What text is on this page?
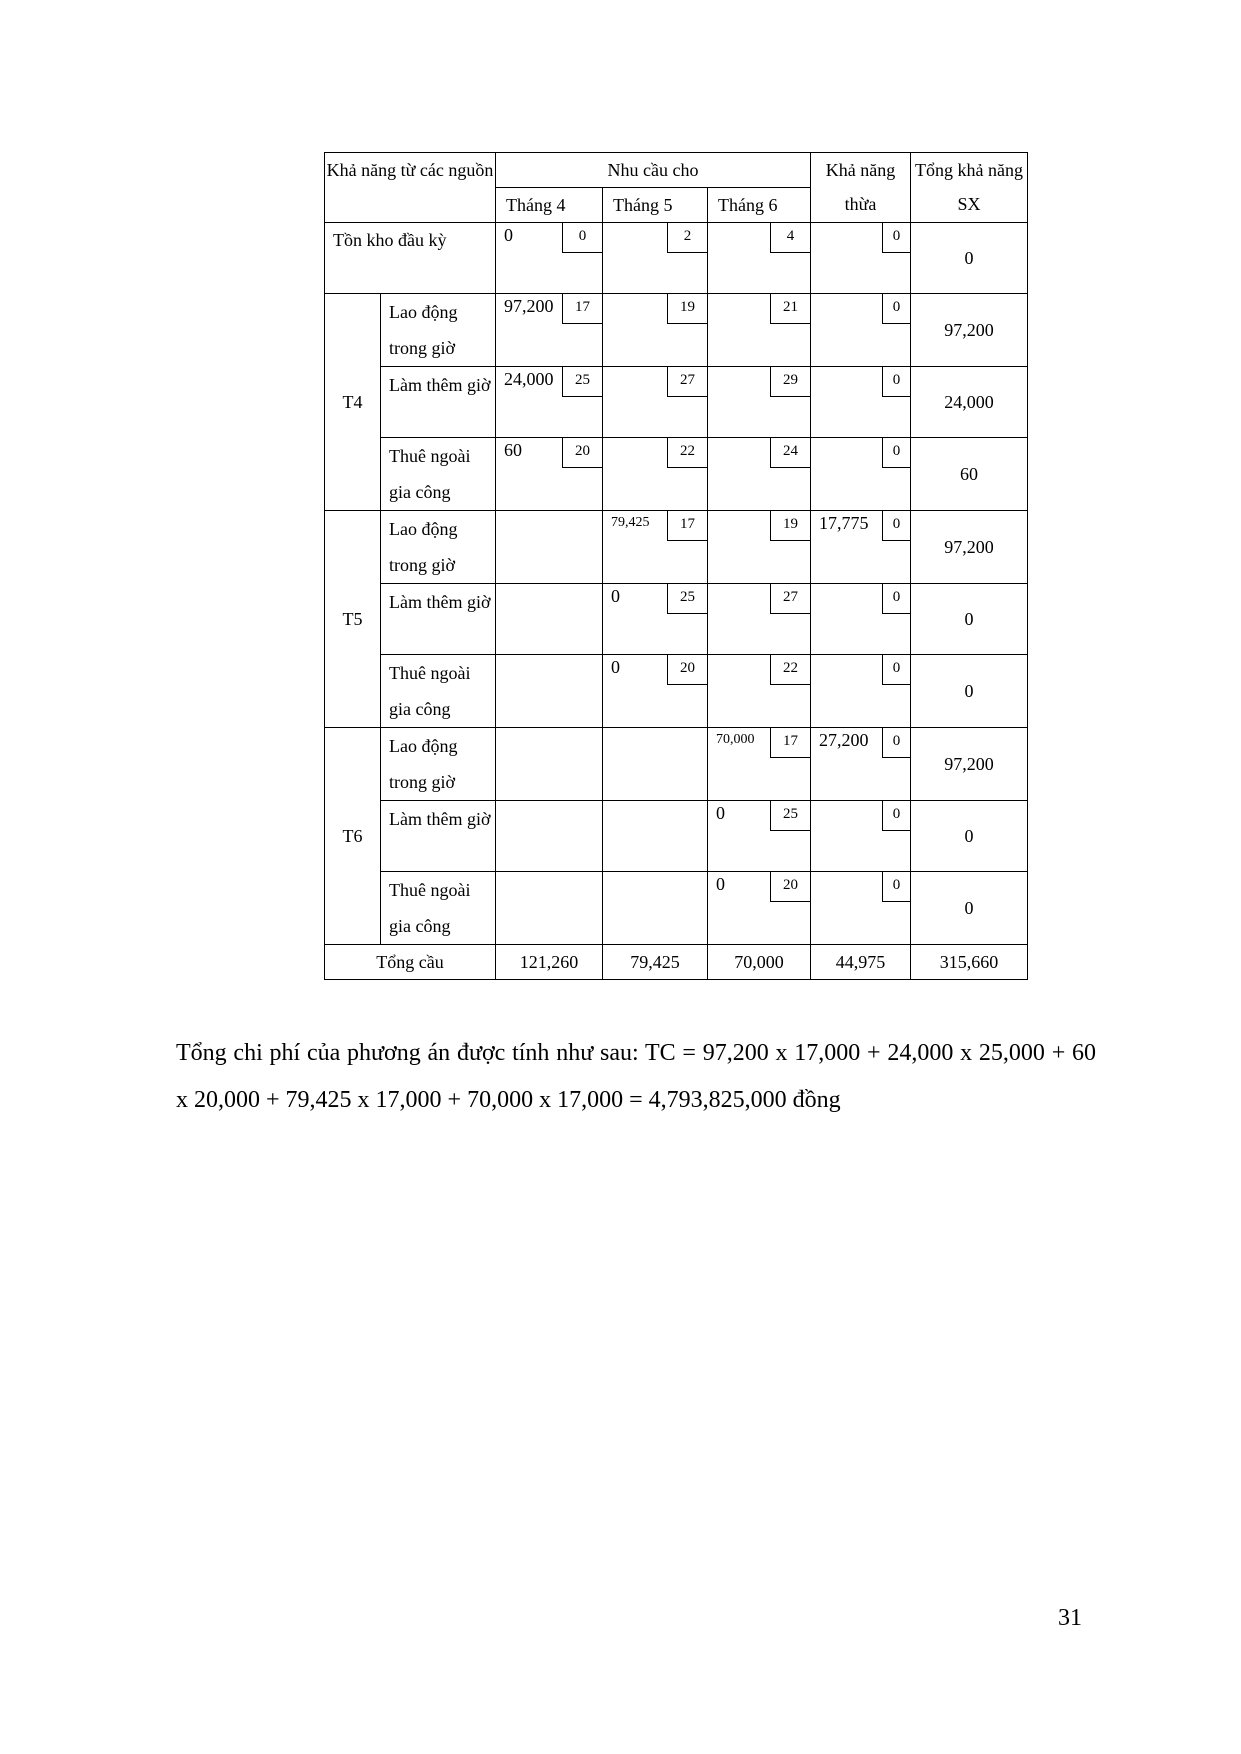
Khả năng từ các nguồn		Nhu cầu cho			Khả năng thừa	Tổng khả năng SX
		Tháng 4	Tháng 5	Tháng 6		
Tồn kho đầu kỳ		0 0	2	4	0	0
T4	Lao động trong giờ	97,200 17	19	21	0	97,200
	Làm thêm giờ	24,000 25	27	29	0	24,000
	Thuê ngoài gia công	60 20	22	24	0	60
T5	Lao động trong giờ		79,425 17	19	17,775 0	97,200
	Làm thêm giờ		0 25	27	0	0
	Thuê ngoài gia công		0 20	22	0	0
T6	Lao động trong giờ			70,000 17	27,200 0	97,200
	Làm thêm giờ			0 25	0	0
	Thuê ngoài gia công			0 20	0	0
Tổng cầu		121,260	79,425	70,000	44,975	315,660
Tổng chi phí của phương án được tính như sau: TC = 97,200 x 17,000 + 24,000 x 25,000 + 60 x 20,000 + 79,425 x 17,000 + 70,000 x 17,000 = 4,793,825,000 đồng
31
